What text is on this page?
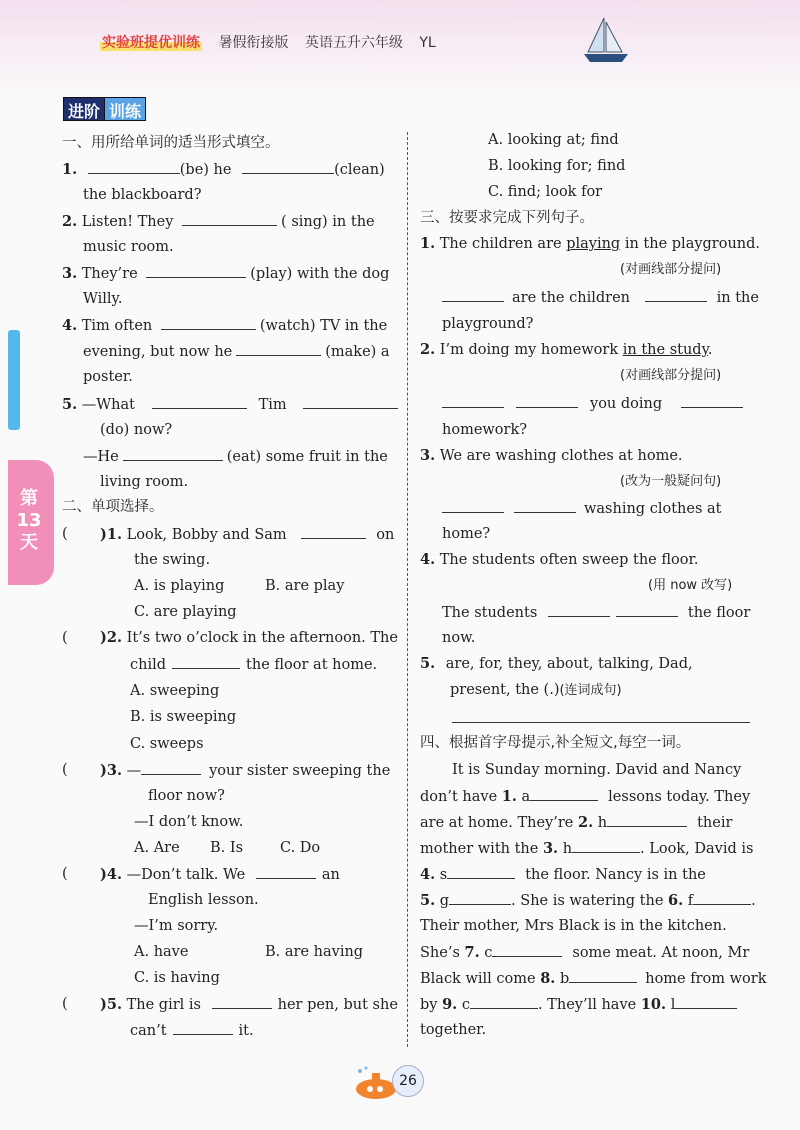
实验班提优训练 暑假衔接版 英语五升六年级 YL
进阶 训练
第13天
一、用所给单词的适当形式填空。
1.	(be) he	(clean)
the blackboard?
2. Listen! They	( sing) in the
music room.
3. They’re	(play) with the dog
Willy.
4. Tim often	(watch) TV in the
evening, but now he	(make) a
poster.
5. —What	Tim
(do) now?
—He	(eat) some fruit in the
living room.
二、单项选择。
( )1. Look, Bobby and Sam	on
the swing.
A. is playing	B. are play
C. are playing
( )2. It’s two o’clock in the afternoon. The
child	the floor at home.
A. sweeping
B. is sweeping
C. sweeps
( )3. —	your sister sweeping the
floor now?
—I don’t know.
A. Are B. Is	C. Do
( )4. —Don’t talk. We	an
English lesson.
—I’m sorry.
A. have	B. are having
C. is having
( )5. The girl is	her pen, but she
can’t	it.
A. looking at; find
B. looking for; find
C. find; look for
三、按要求完成下列句子。
1. The children are playing in the playground.
(对画线部分提问)
are the children	in the
playground?
2. I’m doing my homework in the study.
(对画线部分提问)
you doing
homework?
3. We are washing clothes at home.
(改为一般疑问句)
washing clothes at
home?
4. The students often sweep the floor.
(用 now 改写)
The students	the floor
now.
5. are, for, they, about, talking, Dad,
present, the (.)(连词成句)
四、根据首字母提示,补全短文,每空一词。
It is Sunday morning. David and Nancy
don’t have 1. a	lessons today. They
are at home. They’re 2. h	their
mother with the 3. h	. Look, David is
4. s	the floor. Nancy is in the
5. g	. She is watering the 6. f	.
Their mother, Mrs Black is in the kitchen.
She’s 7. c	some meat. At noon, Mr
Black will come 8. b	home from work
by 9. c	. They’ll have 10. l
together.
26
